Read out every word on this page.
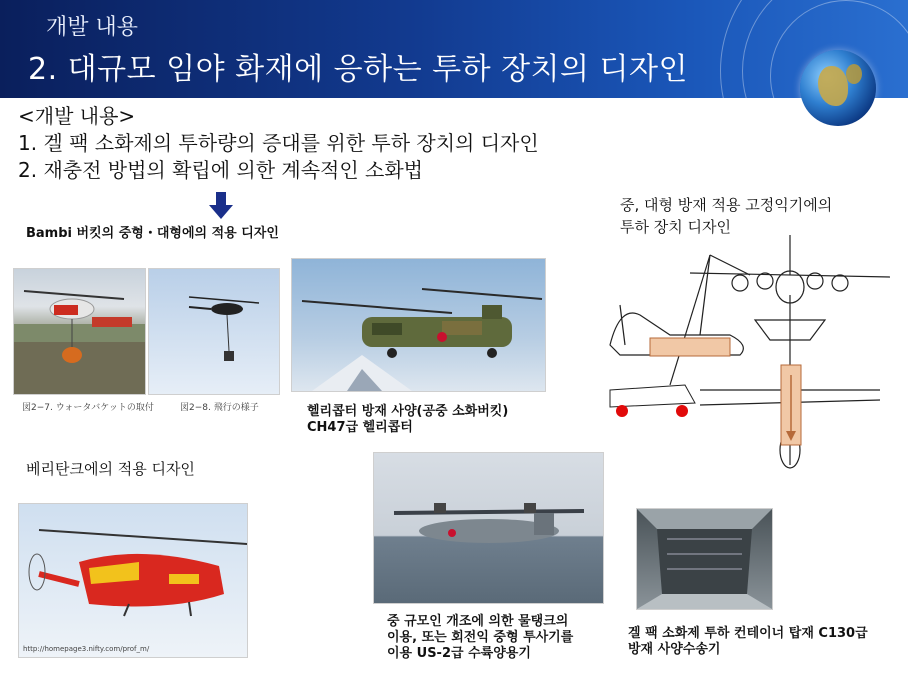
개발 내용
2. 대규모 임야 화재에 응하는 투하 장치의 디자인
<개발 내용>
1. 겔 팩 소화제의 투하량의 증대를 위한 투하 장치의 디자인
2. 재충전 방법의 확립에 의한 계속적인 소화법
Bambi 버킷의 중형・대형에의 적용 디자인
図2−7. ウォータバケットの取付	図2−8. 飛行の様子	헬리콥터 방재 사양(공중 소화버킷)
CH47급 헬리콥터
중, 대형 방재 적용 고정익기에의
투하 장치 디자인
베리탄크에의 적용 디자인
http://homepage3.nifty.com/prof_m/
중 규모인 개조에 의한 물탱크의
이용, 또는 회전익 중형 투사기를
이용 US-2급 수륙양용기
겔 팩 소화제 투하 컨테이너 탑재 C130급
방재 사양수송기
